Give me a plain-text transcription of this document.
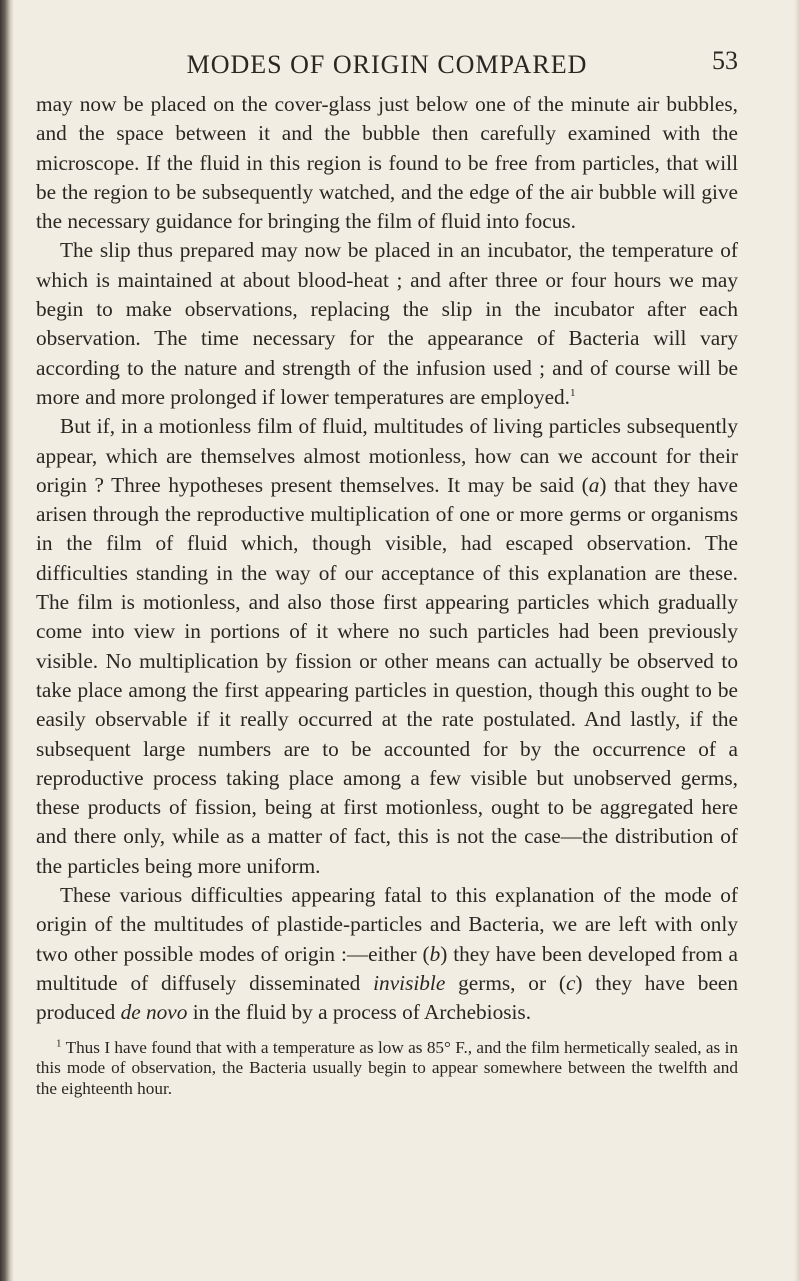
MODES OF ORIGIN COMPARED	53

may now be placed on the cover-glass just below one of the minute air bubbles, and the space between it and the bubble then carefully examined with the microscope. If the fluid in this region is found to be free from particles, that will be the region to be subsequently watched, and the edge of the air bubble will give the necessary guidance for bringing the film of fluid into focus.

The slip thus prepared may now be placed in an incubator, the temperature of which is maintained at about blood-heat ; and after three or four hours we may begin to make observations, replacing the slip in the incubator after each observation. The time necessary for the appearance of Bacteria will vary according to the nature and strength of the infusion used ; and of course will be more and more prolonged if lower temperatures are employed.$^1$

But if, in a motionless film of fluid, multitudes of living particles subsequently appear, which are themselves almost motionless, how can we account for their origin ? Three hypotheses present themselves. It may be said (a) that they have arisen through the reproductive multiplication of one or more germs or organisms in the film of fluid which, though visible, had escaped observation. The difficulties standing in the way of our acceptance of this explanation are these. The film is motionless, and also those first appearing particles which gradually come into view in portions of it where no such particles had been previously visible. No multiplication by fission or other means can actually be observed to take place among the first appearing particles in question, though this ought to be easily observable if it really occurred at the rate postulated. And lastly, if the subsequent large numbers are to be accounted for by the occurrence of a reproductive process taking place among a few visible but unobserved germs, these products of fission, being at first motionless, ought to be aggregated here and there only, while as a matter of fact, this is not the case—the distribution of the particles being more uniform.

These various difficulties appearing fatal to this explanation of the mode of origin of the multitudes of plastide-particles and Bacteria, we are left with only two other possible modes of origin :—either (b) they have been developed from a multitude of diffusely disseminated invisible germs, or (c) they have been produced de novo in the fluid by a process of Archebiosis.

$^1$ Thus I have found that with a temperature as low as 85° F., and the film hermetically sealed, as in this mode of observation, the Bacteria usually begin to appear somewhere between the twelfth and the eighteenth hour.
